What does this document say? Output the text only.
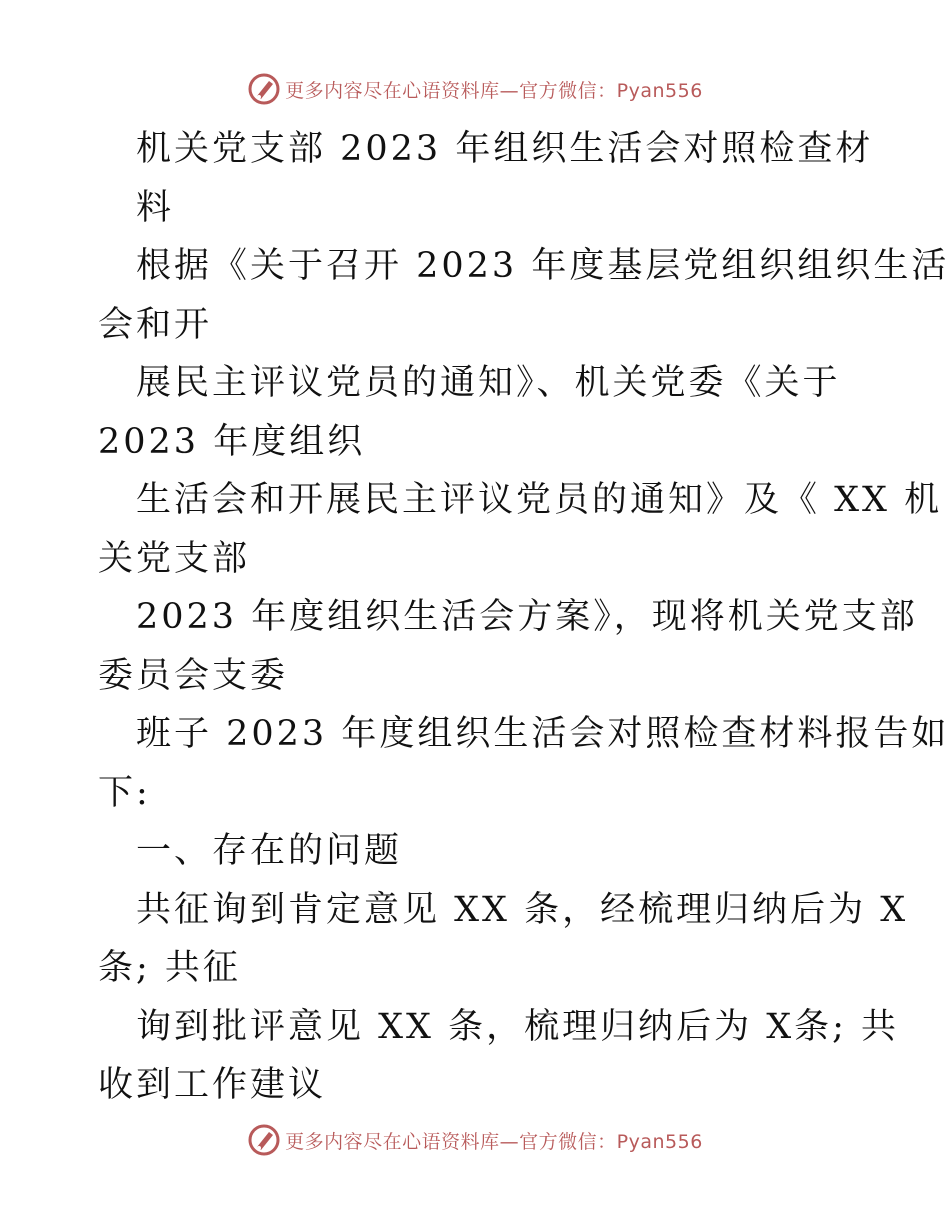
更多内容尽在心语资料库—官方微信：Pyan556
机关党支部 2023 年组织生活会对照检查材
料
根据《关于召开 2023 年度基层党组织组织生活
会和开
展民主评议党员的通知》、机关党委《关于
2023 年度组织
生活会和开展民主评议党员的通知》及《 XX 机
关党支部
2023 年度组织生活会方案》，现将机关党支部
委员会支委
班子 2023 年度组织生活会对照检查材料报告如
下:
一、存在的问题
共征询到肯定意见 XX 条，经梳理归纳后为 X
条; 共征
询到批评意见 XX 条，梳理归纳后为 X条; 共
收到工作建议
更多内容尽在心语资料库—官方微信：Pyan556
